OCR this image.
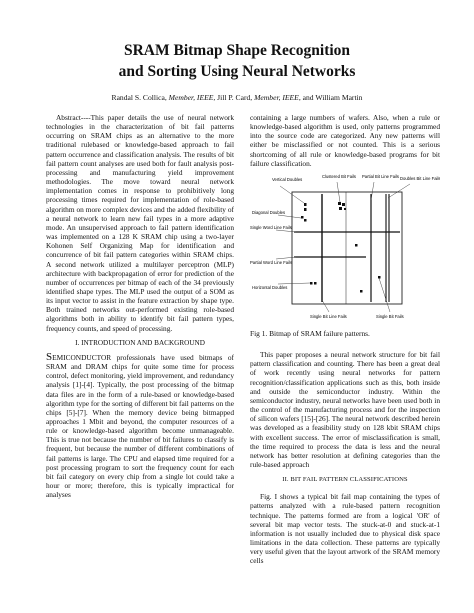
SRAM Bitmap Shape Recognition
and Sorting Using Neural Networks
Randal S. Collica, Member, IEEE, Jill P. Card, Member, IEEE, and William Martin

Abstract----This paper details the use of neural network technologies in the characterization of bit fail patterns occurring on SRAM chips as an alternative to the more traditional rulebased or knowledge-based approach to fail pattern occurrence and classification analysis. The results of bit fail pattern count analyses are used both for fault analysis post-processing and manufacturing yield improvement methodologies. The move toward neural network implementation comes in response to prohibitively long processing times required for implementation of role-based algorithm on more complex devices and the added flexibility of a neural network to learn new fail types in a more adaptive mode. An unsupervised approach to fail pattern identification was implemented on a 128 K SRAM chip using a two-layer Kohonen Self Organizing Map for identification and concurrence of bit fail pattern categories within SRAM chips. A second network utilized a multilayer perceptron (MLP) architecture with backpropagation of error for prediction of the number of occurrences per bitmap of each of the 34 previously identified shape types. The MLP used the output of a SOM as its input vector to assist in the feature extraction by shape type. Both trained networks out-performed existing role-based algorithms both in ability to identify bit fail pattern types, frequency counts, and speed of processing.

I. INTRODUCTION AND BACKGROUND

SEMICONDUCTOR professionals have used bitmaps of SRAM and DRAM chips for quite some time for process control, defect monitoring, yield improvement, and redundancy analysis [1]-[4]. Typically, the post processing of the bitmap data files are in the form of a rule-based or knowledge-based algorithm type for the sorting of different bit fail patterns on the chips [5]-[7]. When the memory device being bitmapped approaches 1 Mbit and beyond, the computer resources of a rule or knowledge-based algorithm become unmanageable. This is true not because the number of bit failures to classify is frequent, but because the number of different combinations of fail patterns is large. The CPU and elapsed time required for a post processing program to sort the frequency count for each bit fail category on every chip from a single lot could take a hour or more; therefore, this is typically impractical for analyses

containing a large numbers of wafers. Also, when a rule or knowledge-based algorithm is used, only patterns programmed into the source code are categorized. Any new patterns will either be misclassified or not counted. This is a serious shortcoming of all rule or knowledge-based programs for bit failure classification.

Vertical Doubles
Clustered Bit Fails Partial Bit Line Fails Doubles Bit Line Fails
Diagonal Doubles
Single Word Line Fails
Partial Word Line Fails
Horizontal Doubles
Single Bit Line Fails	Single Bit Fails
Fig 1. Bitmap of SRAM failure patterns.

This paper proposes a neural network structure for bit fail pattern classification and counting. There has been a great deal of work recently using neural networks for pattern recognition/classification applications such as this, both inside and outside the semiconductor industry. Within the semiconductor industry, neural networks have been used both in the control of the manufacturing process and for the inspection of silicon wafers [15]-[26]. The neural network described herein was developed as a feasibility study on 128 kbit SRAM chips with excellent success. The error of misclassification is small, the time required to process the data is less and the neural network has better resolution at defining categories than the rule-based approach

II. BIT FAIL PATTERN CLASSIFICATIONS

Fig. I shows a typical bit fail map containing the types of patterns analyzed with a rule-based pattern recognition technique. The patterns formed are from a logical 'OR' of several bit map vector tests. The stuck-at-0 and stuck-at-1 information is not usually included due to physical disk space limitations in the data collection. These patterns are typically very useful given that the layout artwork of the SRAM memory cells
